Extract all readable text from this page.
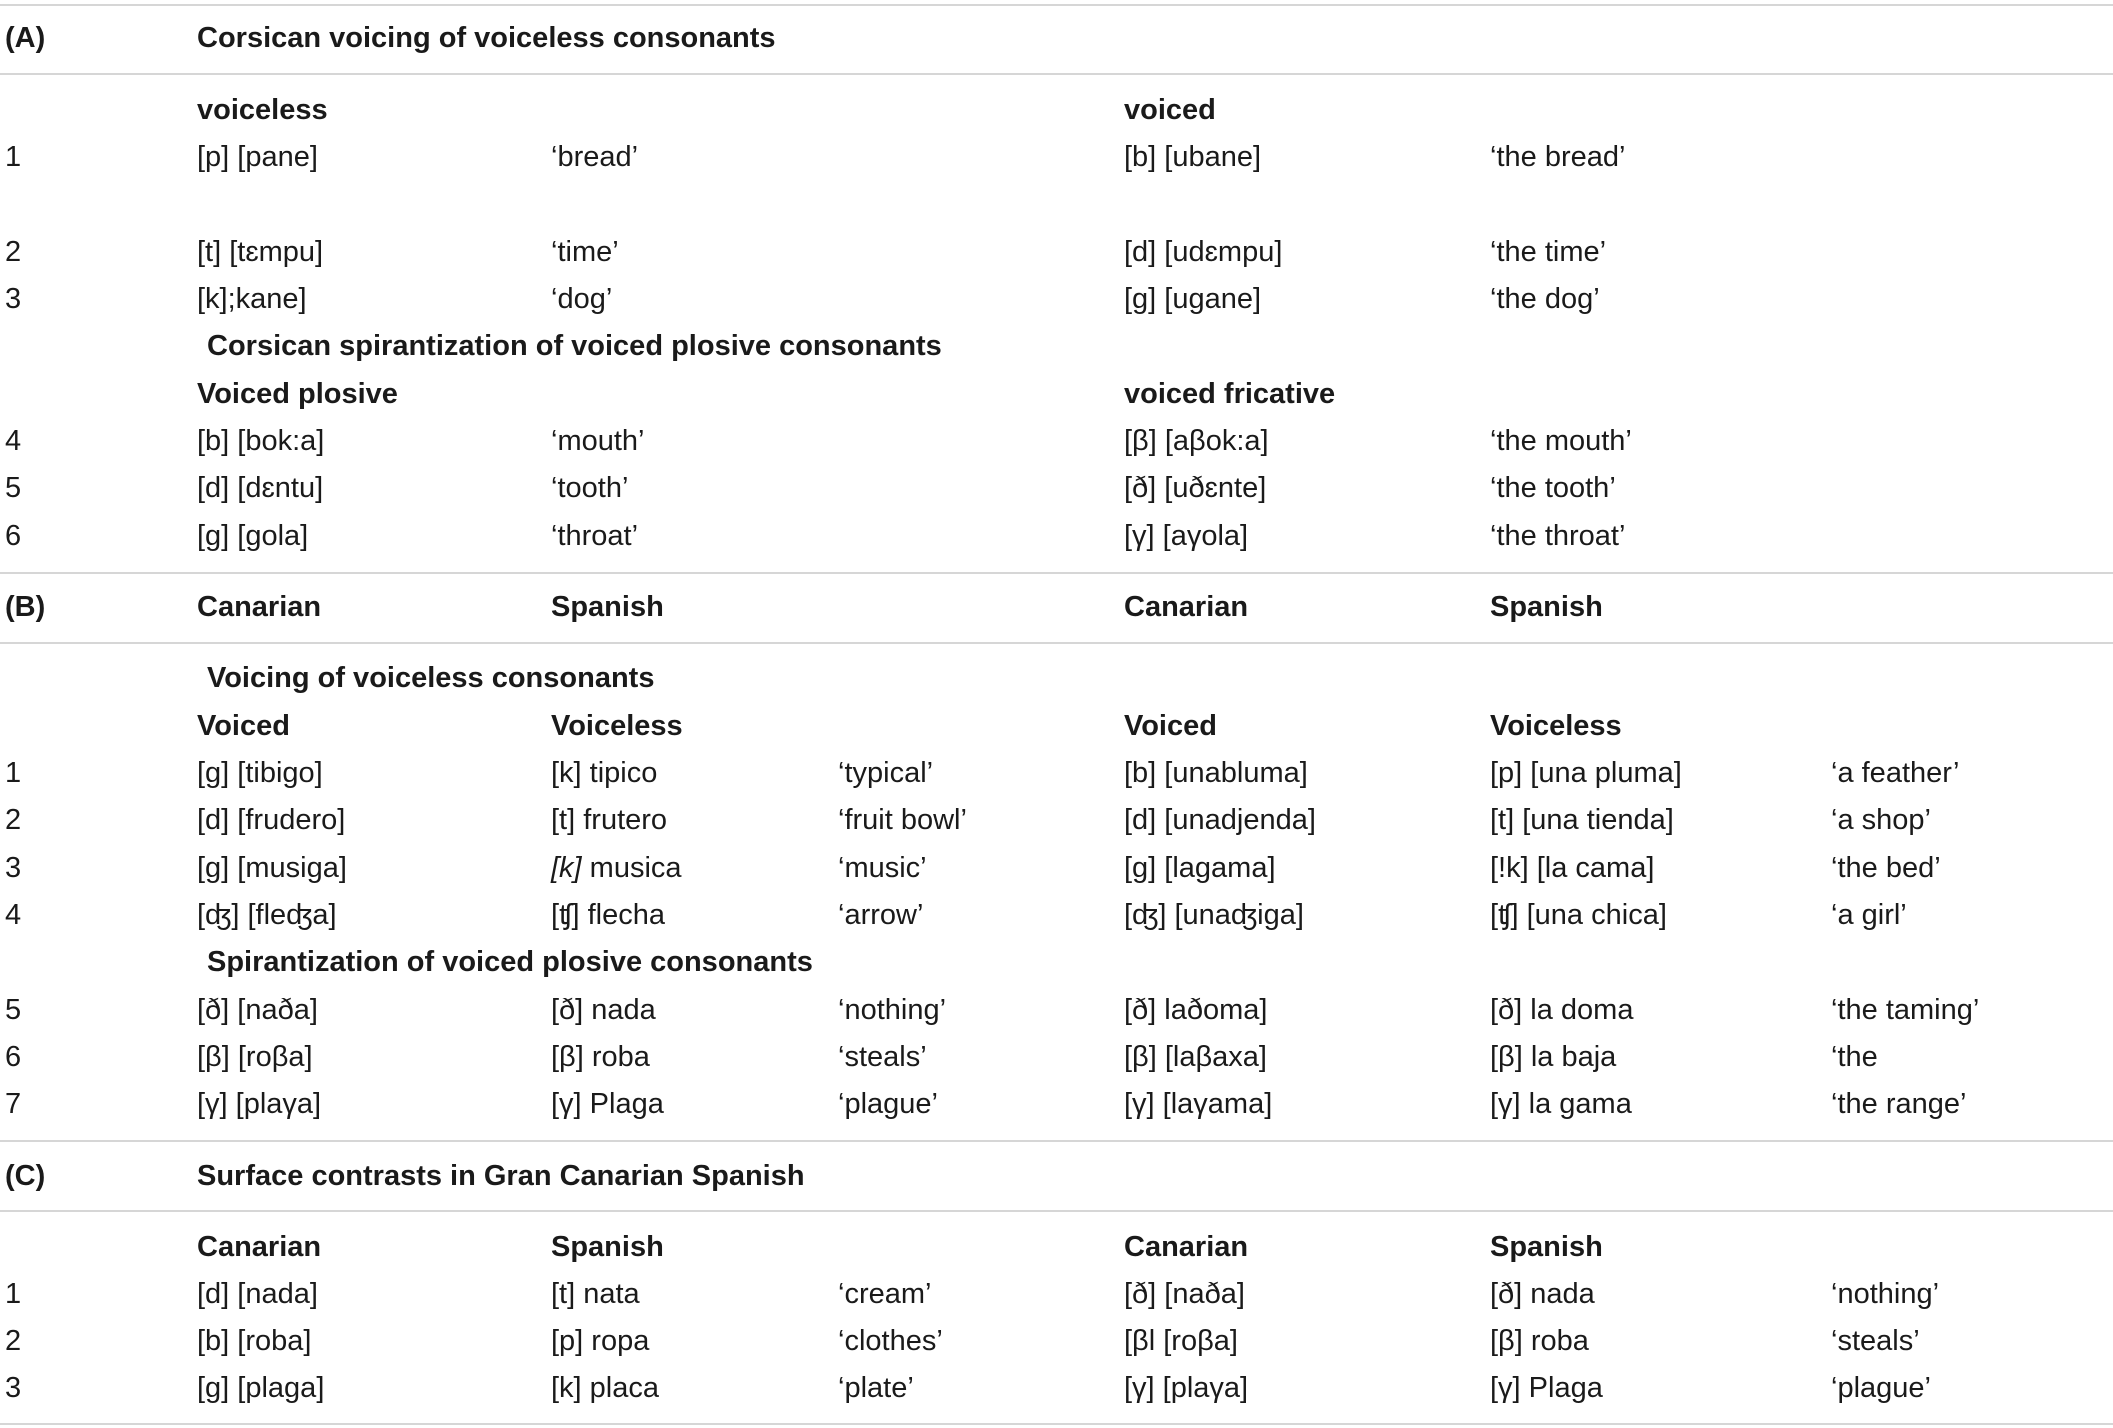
(A)	Corsican voicing of voiceless consonants
voiceless	voiced
1	[p] [pane]	‘bread’	[b] [ubane]	‘the bread’
2	[t] [tɛmpu]	‘time’	[d] [udɛmpu]	‘the time’
3	[k];kane]	‘dog’	[g] [ugane]	‘the dog’
Corsican spirantization of voiced plosive consonants
Voiced plosive	voiced fricative
4	[b] [bok:a]	‘mouth’	[β] [aβok:a]	‘the mouth’
5	[d] [dɛntu]	‘tooth’	[ð] [uðɛnte]	‘the tooth’
6	[g] [gola]	‘throat’	[γ] [aγola]	‘the throat’
(B)	Canarian	Spanish	Canarian	Spanish
Voicing of voiceless consonants
Voiced	Voiceless	Voiced	Voiceless
1	[g] [tibigo]	[k] tipico	‘typical’	[b] [unabluma]	[p] [una pluma]	‘a feather’
2	[d] [frudero]	[t] frutero	‘fruit bowl’	[d] [unadjenda]	[t] [una tienda]	‘a shop’
3	[g] [musiga]	[k] musica	‘music’	[g] [lagama]	[!k] [la cama]	‘the bed’
4	[ʤ] [fleʤa]	[ʧ] flecha	‘arrow’	[ʤ] [unaʤiga]	[ʧ] [una chica]	‘a girl’
Spirantization of voiced plosive consonants
5	[ð] [naða]	[ð] nada	‘nothing’	[ð] laðoma]	[ð] la doma	‘the taming’
6	[β] [roβa]	[β] roba	‘steals’	[β] [laβaxa]	[β] la baja	‘the
7	[γ] [plaγa]	[γ] Plaga	‘plague’	[γ] [laγama]	[γ] la gama	‘the range’
(C)	Surface contrasts in Gran Canarian Spanish
Canarian	Spanish	Canarian	Spanish
1	[d] [nada]	[t] nata	‘cream’	[ð] [naða]	[ð] nada	‘nothing’
2	[b] [roba]	[p] ropa	‘clothes’	[βl [roβa]	[β] roba	‘steals’
3	[g] [plaga]	[k] placa	‘plate’	[γ] [plaγa]	[γ] Plaga	‘plague’
